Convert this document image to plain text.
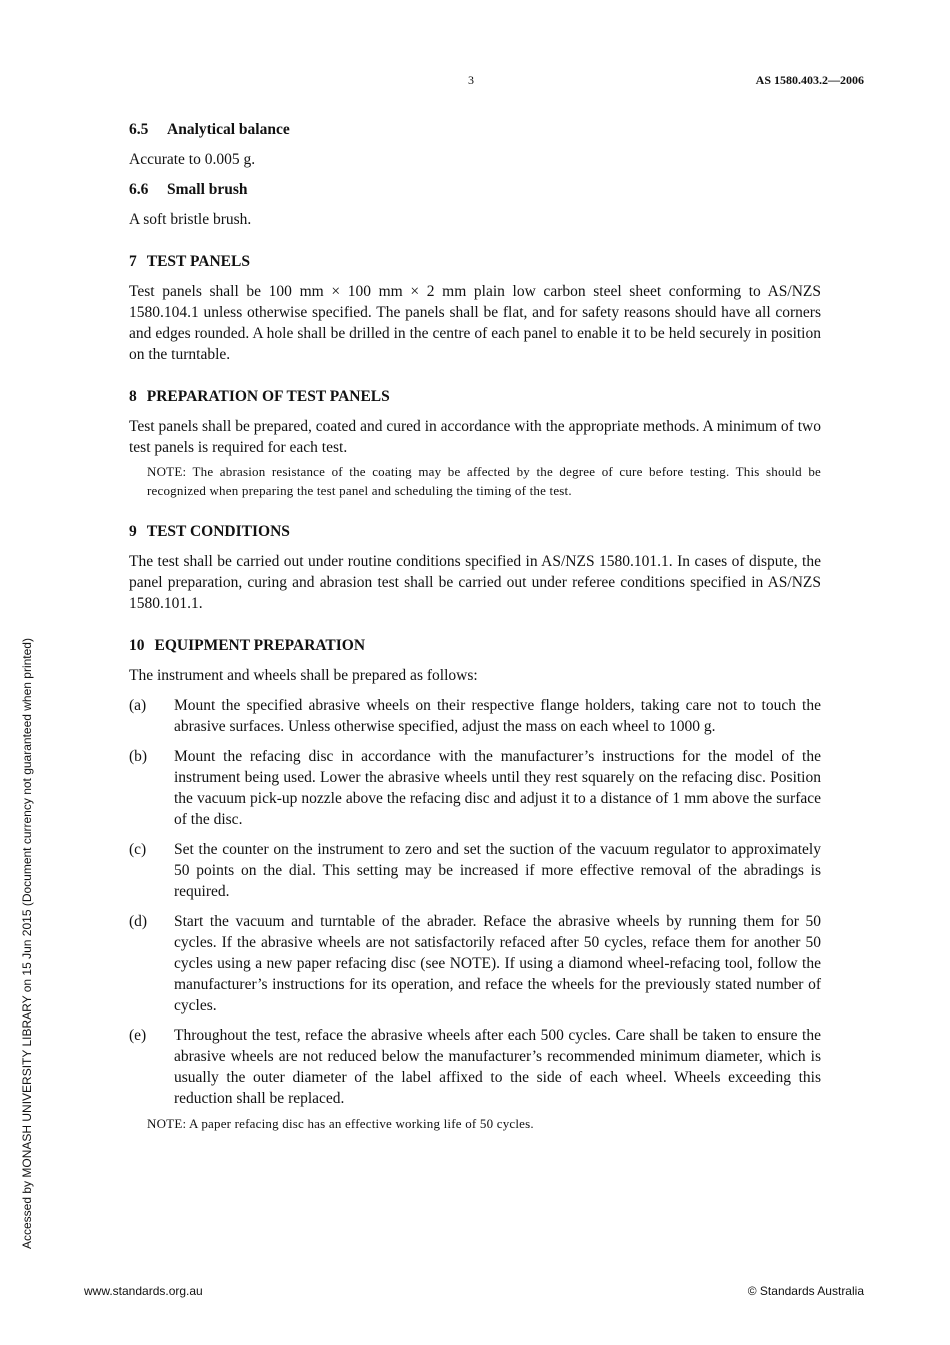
3	AS 1580.403.2—2006
Accessed by MONASH UNIVERSITY LIBRARY on 15 Jun 2015 (Document currency not guaranteed when printed)
6.5 Analytical balance

Accurate to 0.005 g.

6.6 Small brush

A soft bristle brush.

7 TEST PANELS

Test panels shall be 100 mm × 100 mm × 2 mm plain low carbon steel sheet conforming to AS/NZS 1580.104.1 unless otherwise specified. The panels shall be flat, and for safety reasons should have all corners and edges rounded. A hole shall be drilled in the centre of each panel to enable it to be held securely in position on the turntable.

8 PREPARATION OF TEST PANELS

Test panels shall be prepared, coated and cured in accordance with the appropriate methods. A minimum of two test panels is required for each test.

NOTE: The abrasion resistance of the coating may be affected by the degree of cure before testing. This should be recognized when preparing the test panel and scheduling the timing of the test.
9 TEST CONDITIONS

The test shall be carried out under routine conditions specified in AS/NZS 1580.101.1. In cases of dispute, the panel preparation, curing and abrasion test shall be carried out under referee conditions specified in AS/NZS 1580.101.1.

10 EQUIPMENT PREPARATION

The instrument and wheels shall be prepared as follows:

(a)	Mount the specified abrasive wheels on their respective flange holders, taking care not to touch the abrasive surfaces. Unless otherwise specified, adjust the mass on each wheel to 1000 g.
(b)	Mount the refacing disc in accordance with the manufacturer’s instructions for the model of the instrument being used. Lower the abrasive wheels until they rest squarely on the refacing disc. Position the vacuum pick-up nozzle above the refacing disc and adjust it to a distance of 1 mm above the surface of the disc.
(c)	Set the counter on the instrument to zero and set the suction of the vacuum regulator to approximately 50 points on the dial. This setting may be increased if more effective removal of the abradings is required.
(d)	Start the vacuum and turntable of the abrader. Reface the abrasive wheels by running them for 50 cycles. If the abrasive wheels are not satisfactorily refaced after 50 cycles, reface them for another 50 cycles using a new paper refacing disc (see NOTE). If using a diamond wheel-refacing tool, follow the manufacturer’s instructions for its operation, and reface the wheels for the previously stated number of cycles.
(e)	Throughout the test, reface the abrasive wheels after each 500 cycles. Care shall be taken to ensure the abrasive wheels are not reduced below the manufacturer’s recommended minimum diameter, which is usually the outer diameter of the label affixed to the side of each wheel. Wheels exceeding this reduction shall be replaced.
NOTE: A paper refacing disc has an effective working life of 50 cycles.
www.standards.org.au	© Standards Australia
